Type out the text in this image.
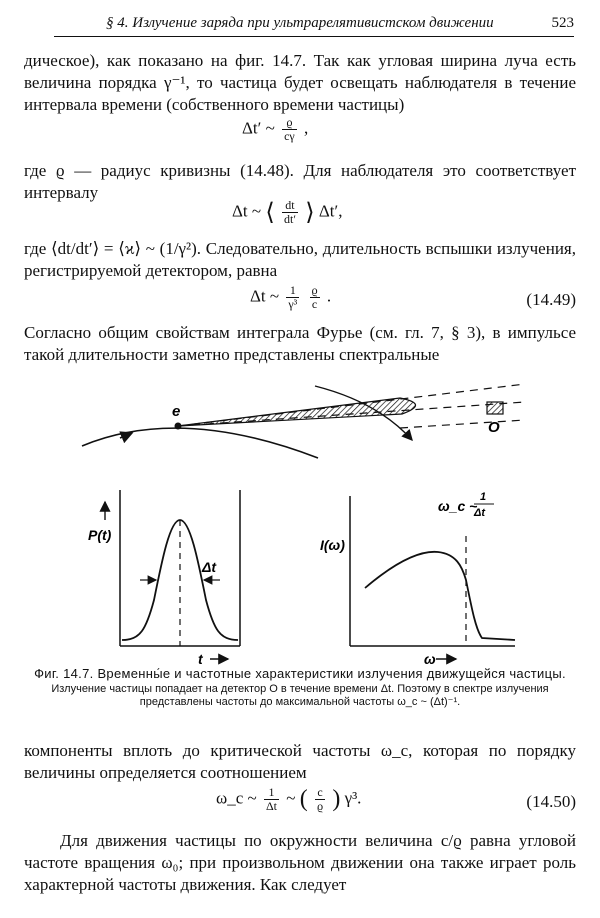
§ 4. Излучение заряда при ультрарелятивистском движении	523
дическое), как показано на фиг. 14.7. Так как угловая ширина луча есть величина порядка γ⁻¹, то частица будет освещать наблюдателя в течение интервала времени (собственного времени частицы)
Δt′ ~ $\frac{ϱ}{c\gamma}$ ,
где ϱ — радиус кривизны (14.48). Для наблюдателя это соответствует интервалу
Δt ~ ⟨ $\frac{dt}{dt'}$ ⟩ Δt′,
где ⟨dt/dt′⟩ = ⟨ϰ⟩ ~ (1/γ²). Следовательно, длительность вспышки излучения, регистрируемой детектором, равна
Δt ~ $\frac{1}{\text{γ³}}$
$\frac{ϱ}{c}$ .	(14.49)
Согласно общим свойствам интеграла Фурье (см. гл. 7, § 3), в импульсе такой длительности заметно представлены спектральные
e
O
P(t)
Δt
t
I(ω)
ω_c ~
1
Δt
ω
Фиг. 14.7. Временны́е и частотные характеристики излучения движущейся частицы.
Излучение частицы попадает на детектор O в течение времени Δt. Поэтому в спектре излучения представлены частоты до максимальной частоты ω_c ~ (Δt)⁻¹.
компоненты вплоть до критической частоты ω_c, которая по порядку величины определяется соотношением
ω_c ~ $\frac{1}{\Delta t}$ ~ ( $\frac{c}{ϱ}$ ) γ³.	(14.50)
Для движения частицы по окружности величина c/ϱ равна угловой частоте вращения ω₀; при произвольном движении она также играет роль характерной частоты движения. Как следует
